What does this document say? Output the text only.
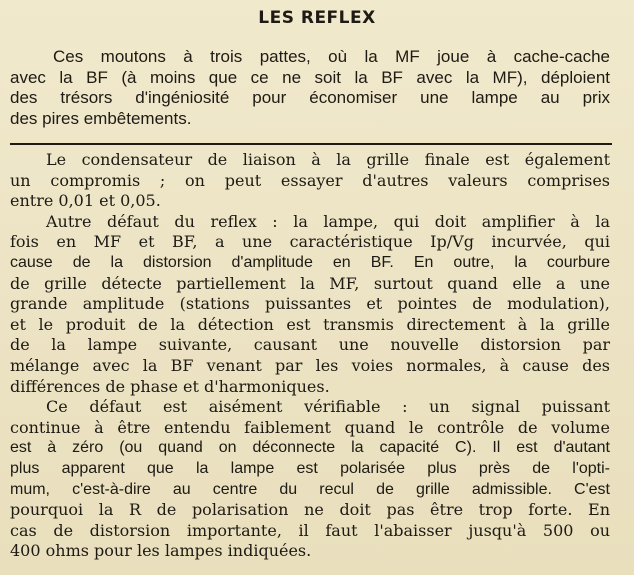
LES REFLEX
Ces moutons à trois pattes, où la MF joue à cache-cache
avec la BF (à moins que ce ne soit la BF avec la MF), déploient
des trésors d'ingéniosité pour économiser une lampe au prix
des pires embêtements.
Le condensateur de liaison à la grille finale est également
un compromis ; on peut essayer d'autres valeurs comprises
entre 0,01 et 0,05.
Autre défaut du reflex : la lampe, qui doit amplifier à la
fois en MF et BF, a une caractéristique Ip/Vg incurvée, qui
cause de la distorsion d'amplitude en BF. En outre, la courbure
de grille détecte partiellement la MF, surtout quand elle a une
grande amplitude (stations puissantes et pointes de modulation),
et le produit de la détection est transmis directement à la grille
de la lampe suivante, causant une nouvelle distorsion par
mélange avec la BF venant par les voies normales, à cause des
différences de phase et d'harmoniques.
Ce défaut est aisément vérifiable : un signal puissant
continue à être entendu faiblement quand le contrôle de volume
est à zéro (ou quand on déconnecte la capacité C). Il est d'autant
plus apparent que la lampe est polarisée plus près de l'opti-
mum, c'est-à-dire au centre du recul de grille admissible. C'est
pourquoi la R de polarisation ne doit pas être trop forte. En
cas de distorsion importante, il faut l'abaisser jusqu'à 500 ou
400 ohms pour les lampes indiquées.
